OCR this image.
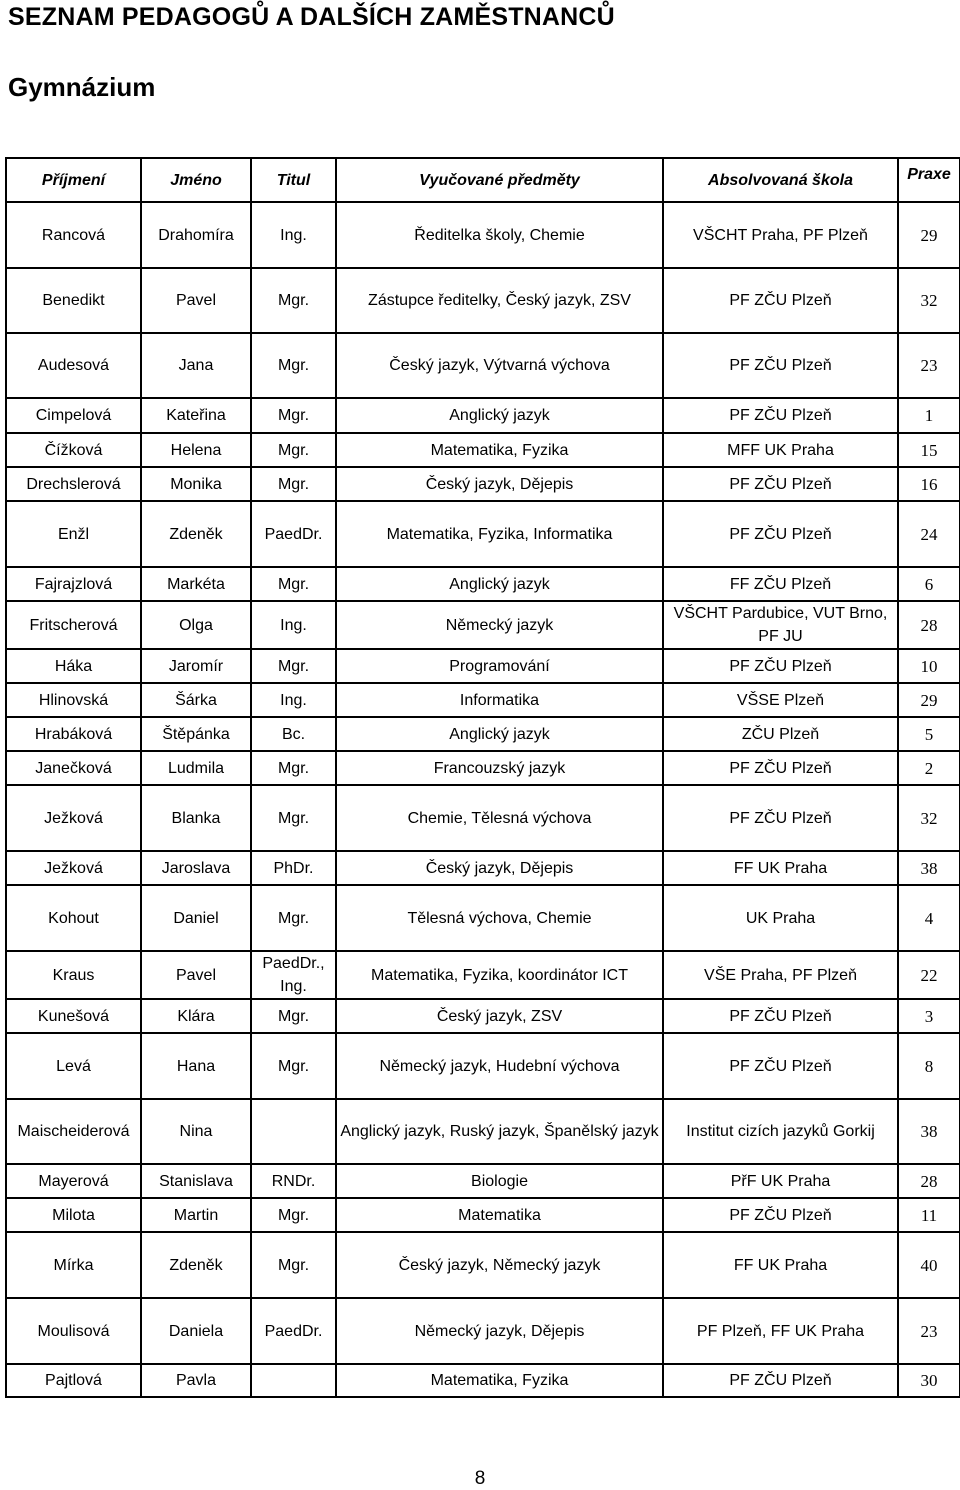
SEZNAM PEDAGOGŮ A DALŠÍCH ZAMĚSTNANCŮ
Gymnázium
Příjmení	Jméno	Titul	Vyučované předměty	Absolvovaná škola	Praxe
Rancová	Drahomíra	Ing.	Ředitelka školy, Chemie	VŠCHT Praha, PF Plzeň	29
Benedikt	Pavel	Mgr.	Zástupce ředitelky, Český jazyk, ZSV	PF ZČU Plzeň	32
Audesová	Jana	Mgr.	Český jazyk, Výtvarná výchova	PF ZČU Plzeň	23
Cimpelová	Kateřina	Mgr.	Anglický jazyk	PF ZČU Plzeň	1
Čížková	Helena	Mgr.	Matematika, Fyzika	MFF UK Praha	15
Drechslerová	Monika	Mgr.	Český jazyk, Dějepis	PF ZČU Plzeň	16
Enžl	Zdeněk	PaedDr.	Matematika, Fyzika, Informatika	PF ZČU Plzeň	24
Fajrajzlová	Markéta	Mgr.	Anglický jazyk	FF ZČU Plzeň	6
Fritscherová	Olga	Ing.	Německý jazyk	VŠCHT Pardubice, VUT Brno, PF JU	28
Háka	Jaromír	Mgr.	Programování	PF ZČU Plzeň	10
Hlinovská	Šárka	Ing.	Informatika	VŠSE Plzeň	29
Hrabáková	Štěpánka	Bc.	Anglický jazyk	ZČU Plzeň	5
Janečková	Ludmila	Mgr.	Francouzský jazyk	PF ZČU Plzeň	2
Ježková	Blanka	Mgr.	Chemie, Tělesná výchova	PF ZČU Plzeň	32
Ježková	Jaroslava	PhDr.	Český jazyk, Dějepis	FF UK Praha	38
Kohout	Daniel	Mgr.	Tělesná výchova, Chemie	UK Praha	4
Kraus	Pavel	PaedDr., Ing.	Matematika, Fyzika, koordinátor ICT	VŠE Praha, PF Plzeň	22
Kunešová	Klára	Mgr.	Český jazyk, ZSV	PF ZČU Plzeň	3
Levá	Hana	Mgr.	Německý jazyk, Hudební výchova	PF ZČU Plzeň	8
Maischeiderová	Nina		Anglický jazyk, Ruský jazyk, Španělský jazyk	Institut cizích jazyků Gorkij	38
Mayerová	Stanislava	RNDr.	Biologie	PřF UK Praha	28
Milota	Martin	Mgr.	Matematika	PF ZČU Plzeň	11
Mírka	Zdeněk	Mgr.	Český jazyk, Německý jazyk	FF UK Praha	40
Moulisová	Daniela	PaedDr.	Německý jazyk, Dějepis	PF Plzeň, FF UK Praha	23
Pajtlová	Pavla		Matematika, Fyzika	PF ZČU Plzeň	30
8
